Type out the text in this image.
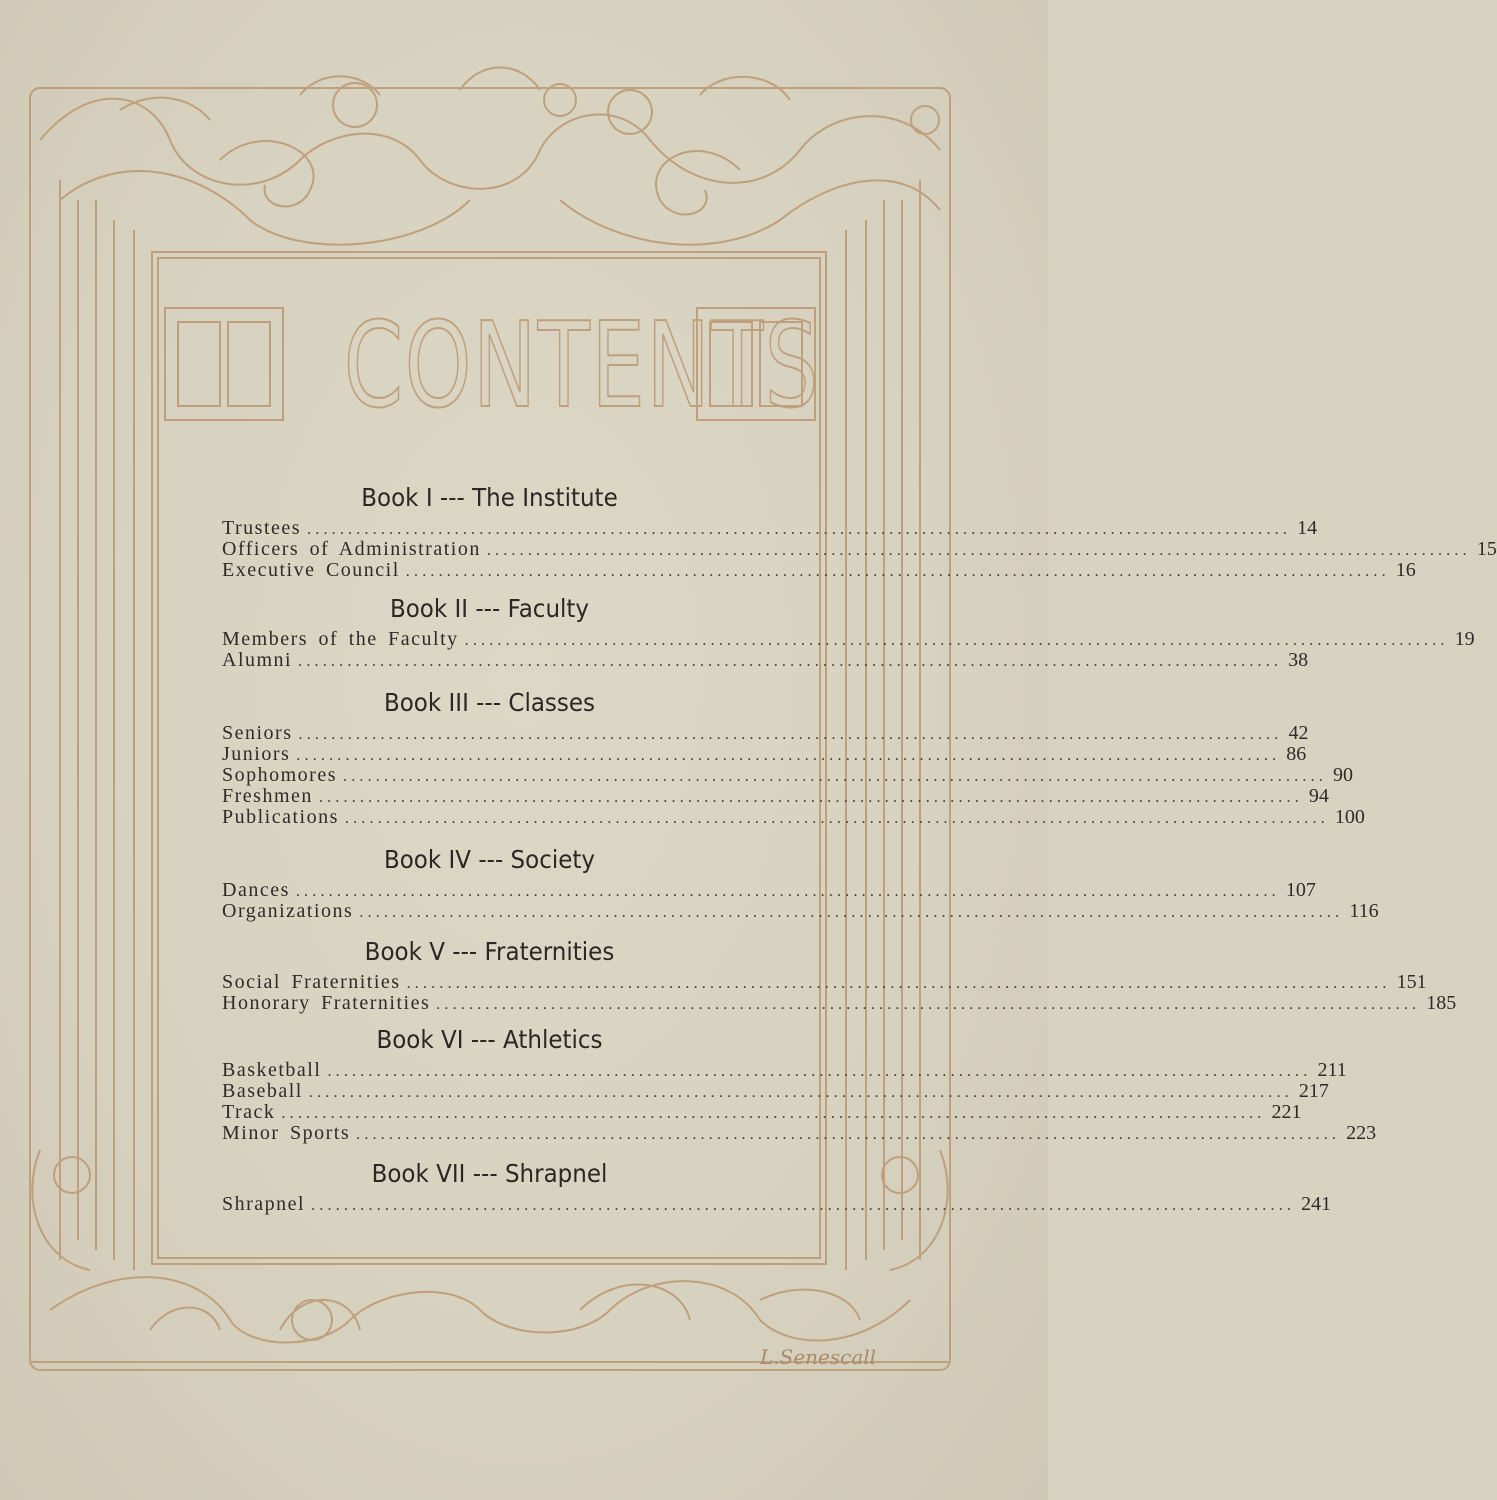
CONTENTS
Book I --- The Institute
Trustees ........................................................................................................................ 14
Officers of Administration ........................................................................................................................ 15
Executive Council ........................................................................................................................ 16
Book II --- Faculty
Members of the Faculty ........................................................................................................................ 19
Alumni ........................................................................................................................ 38
Book III --- Classes
Seniors ........................................................................................................................ 42
Juniors ........................................................................................................................ 86
Sophomores ........................................................................................................................ 90
Freshmen ........................................................................................................................ 94
Publications ........................................................................................................................ 100
Book IV --- Society
Dances ........................................................................................................................ 107
Organizations ........................................................................................................................ 116
Book V --- Fraternities
Social Fraternities ........................................................................................................................ 151
Honorary Fraternities ........................................................................................................................ 185
Book VI --- Athletics
Basketball ........................................................................................................................ 211
Baseball ........................................................................................................................ 217
Track ........................................................................................................................ 221
Minor Sports ........................................................................................................................ 223
Book VII --- Shrapnel
Shrapnel ........................................................................................................................ 241
L.Senescall
